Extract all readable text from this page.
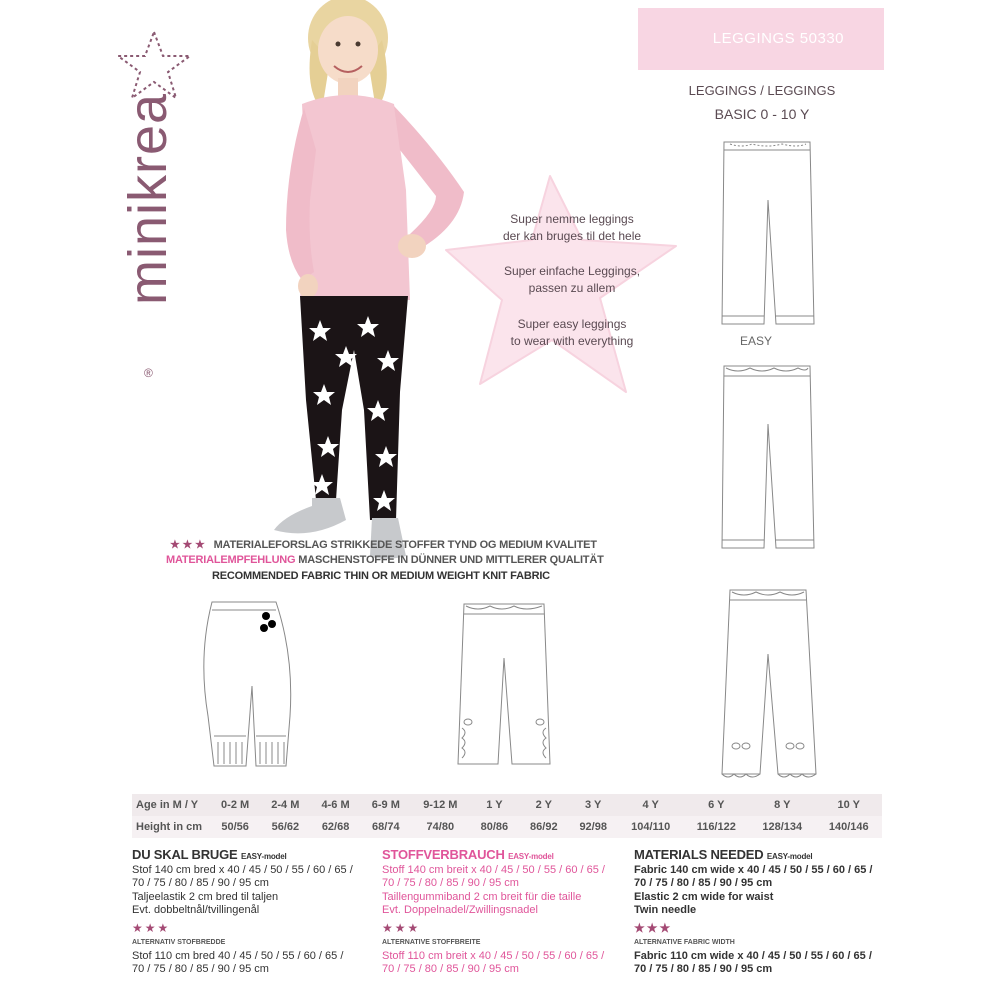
minikrea
®
LEGGINGS 50330
LEGGINGS / LEGGINGS
BASIC 0 - 10 Y
Super nemme leggings
der kan bruges til det hele
Super einfache Leggings,
passen zu allem
Super easy leggings
to wear with everything
★ ★ ★ MATERIALEFORSLAG STRIKKEDE STOFFER TYND OG MEDIUM KVALITET
MATERIALEMPFEHLUNG MASCHENSTOFFE IN DÜNNER UND MITTLERER QUALITÄT
RECOMMENDED FABRIC THIN OR MEDIUM WEIGHT KNIT FABRIC
EASY
Age in M / Y	0-2 M	2-4 M	4-6 M	6-9 M	9-12 M	1 Y	2 Y	3 Y	4 Y	6 Y	8 Y	10 Y
Height in cm	50/56	56/62	62/68	68/74	74/80	80/86	86/92	92/98	104/110	116/122	128/134	140/146
DU SKAL BRUGE EASY-model
Stof 140 cm bred x 40 / 45 / 50 / 55 / 60 / 65 /
70 / 75 / 80 / 85 / 90 / 95 cm
Taljeelastik 2 cm bred til taljen
Evt. dobbeltnål/tvillingenål
★★★
ALTERNATIV STOFBREDDE
Stof 110 cm bred 40 / 45 / 50 / 55 / 60 / 65 /
70 / 75 / 80 / 85 / 90 / 95 cm
STOFFVERBRAUCH EASY-model
Stoff 140 cm breit x 40 / 45 / 50 / 55 / 60 / 65 /
70 / 75 / 80 / 85 / 90 / 95 cm
Taillengummiband 2 cm breit für die taille
Evt. Doppelnadel/Zwillingsnadel
★★★
ALTERNATIVE STOFFBREITE
Stoff 110 cm breit x 40 / 45 / 50 / 55 / 60 / 65 /
70 / 75 / 80 / 85 / 90 / 95 cm
MATERIALS NEEDED EASY-model
Fabric 140 cm wide x 40 / 45 / 50 / 55 / 60 / 65 /
70 / 75 / 80 / 85 / 90 / 95 cm
Elastic 2 cm wide for waist
Twin needle
★★★
ALTERNATIVE FABRIC WIDTH
Fabric 110 cm wide x 40 / 45 / 50 / 55 / 60 / 65 /
70 / 75 / 80 / 85 / 90 / 95 cm
